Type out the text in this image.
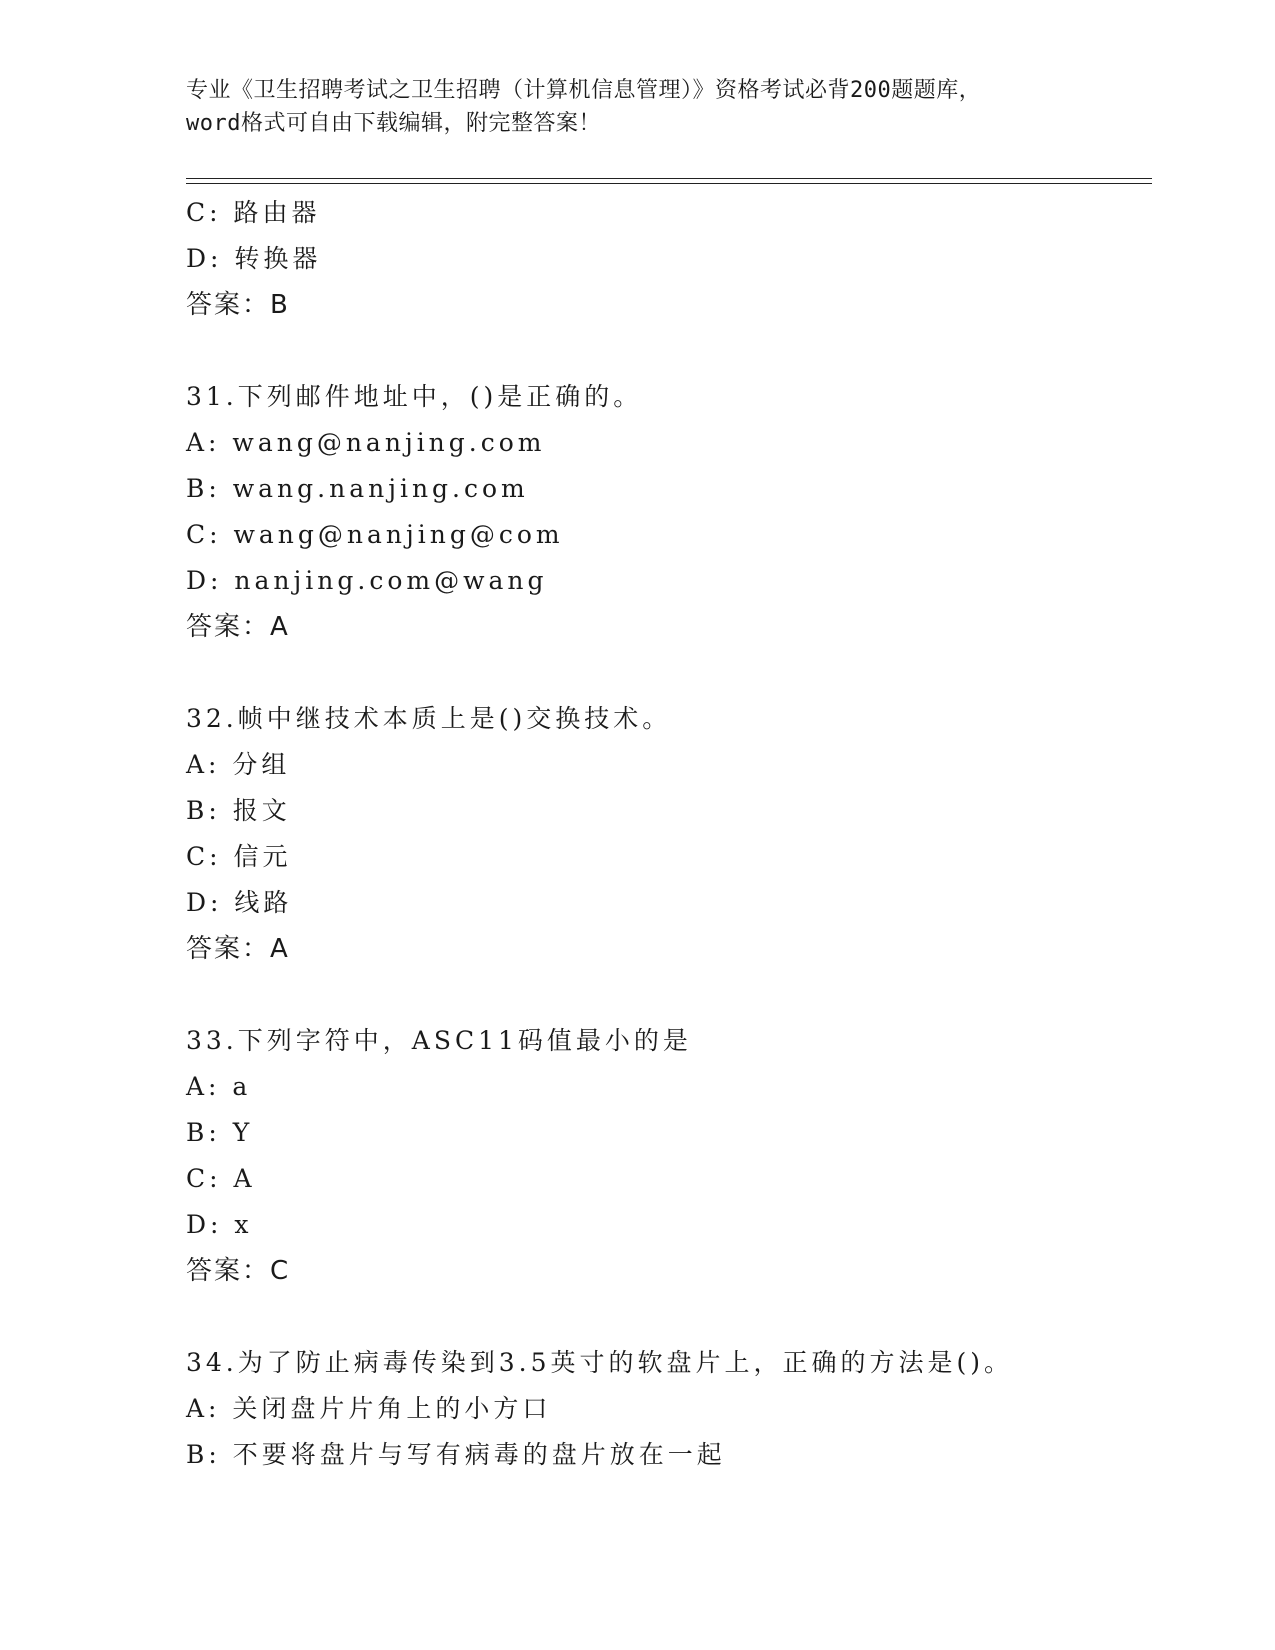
专业《卫生招聘考试之卫生招聘（计算机信息管理）》资格考试必背200题题库，
word格式可自由下载编辑，附完整答案！
C: 路由器
D: 转换器
答案：B
31.下列邮件地址中，()是正确的。
A: wang@nanjing.com
B: wang.nanjing.com
C: wang@nanjing@com
D: nanjing.com@wang
答案：A
32.帧中继技术本质上是()交换技术。
A: 分组
B: 报文
C: 信元
D: 线路
答案：A
33.下列字符中，ASC11码值最小的是
A: a
B: Y
C: A
D: x
答案：C
34.为了防止病毒传染到3.5英寸的软盘片上，正确的方法是()。
A: 关闭盘片片角上的小方口
B: 不要将盘片与写有病毒的盘片放在一起
